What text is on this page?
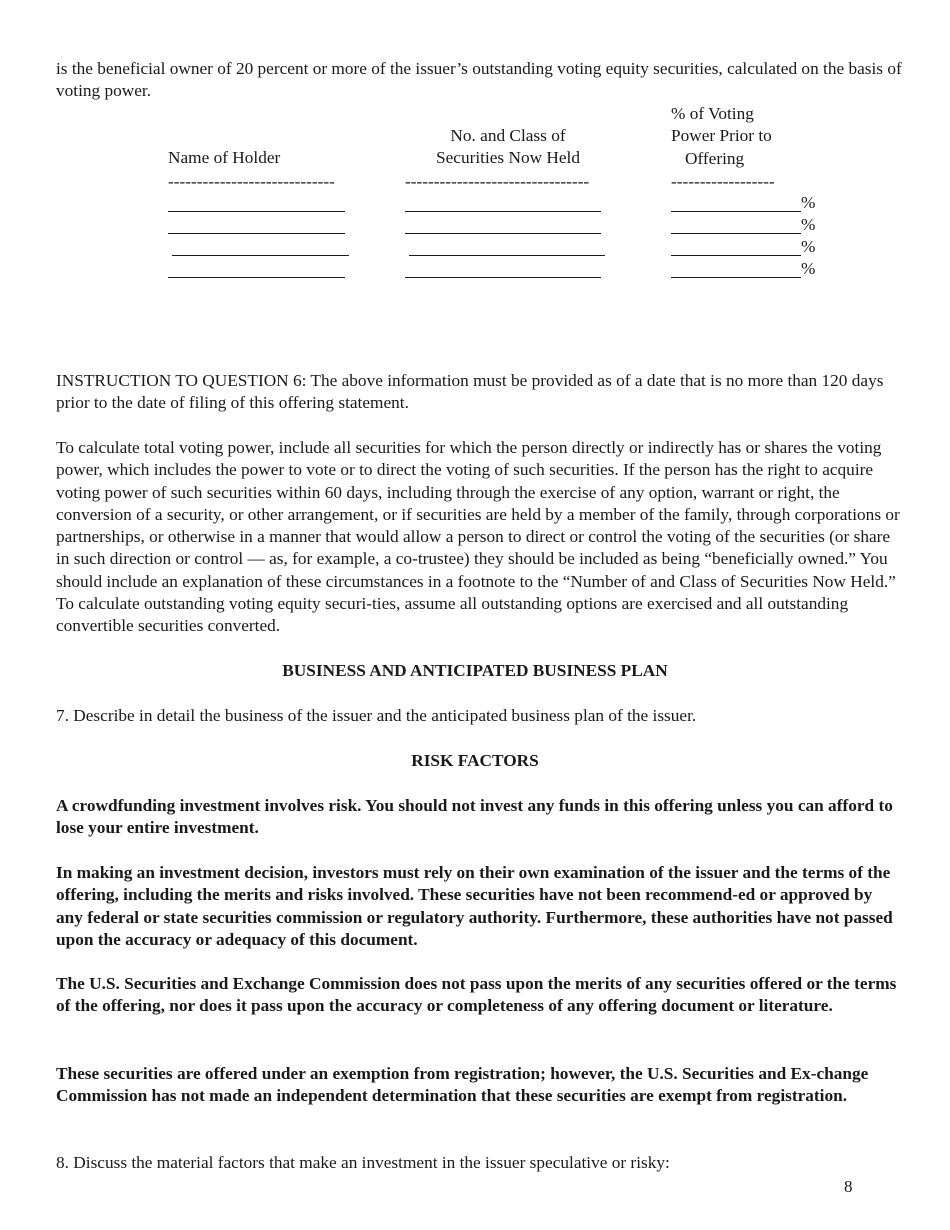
is the beneficial owner of 20 percent or more of the issuer’s outstanding voting equity securities, calculated on the basis of voting power.

Name of Holder
No. and Class of
Securities Now Held
% of Voting
Power Prior to
Offering
-----------------------------	--------------------------------	------------------
%
%
%
%

INSTRUCTION TO QUESTION 6: The above information must be provided as of a date that is no more than 120 days prior to the date of filing of this offering statement.

To calculate total voting power, include all securities for which the person directly or indirectly has or shares the voting power, which includes the power to vote or to direct the voting of such securities. If the person has the right to acquire voting power of such securities within 60 days, including through the exercise of any option, warrant or right, the conversion of a security, or other arrangement, or if securities are held by a member of the family, through corporations or partnerships, or otherwise in a manner that would allow a person to direct or control the voting of the securities (or share in such direction or control — as, for example, a co-trustee) they should be included as being “beneficially owned.” You should include an explanation of these circumstances in a footnote to the “Number of and Class of Securities Now Held.” To calculate outstanding voting equity securi-ties, assume all outstanding options are exercised and all outstanding convertible securities converted.

BUSINESS AND ANTICIPATED BUSINESS PLAN

7. Describe in detail the business of the issuer and the anticipated business plan of the issuer.

RISK FACTORS

A crowdfunding investment involves risk. You should not invest any funds in this offering unless you can afford to lose your entire investment.

In making an investment decision, investors must rely on their own examination of the issuer and the terms of the offering, including the merits and risks involved. These securities have not been recommend-ed or approved by any federal or state securities commission or regulatory authority. Furthermore, these authorities have not passed upon the accuracy or adequacy of this document.

The U.S. Securities and Exchange Commission does not pass upon the merits of any securities offered or the terms of the offering, nor does it pass upon the accuracy or completeness of any offering document or literature.

These securities are offered under an exemption from registration; however, the U.S. Securities and Ex-change Commission has not made an independent determination that these securities are exempt from registration.

8. Discuss the material factors that make an investment in the issuer speculative or risky:

8
